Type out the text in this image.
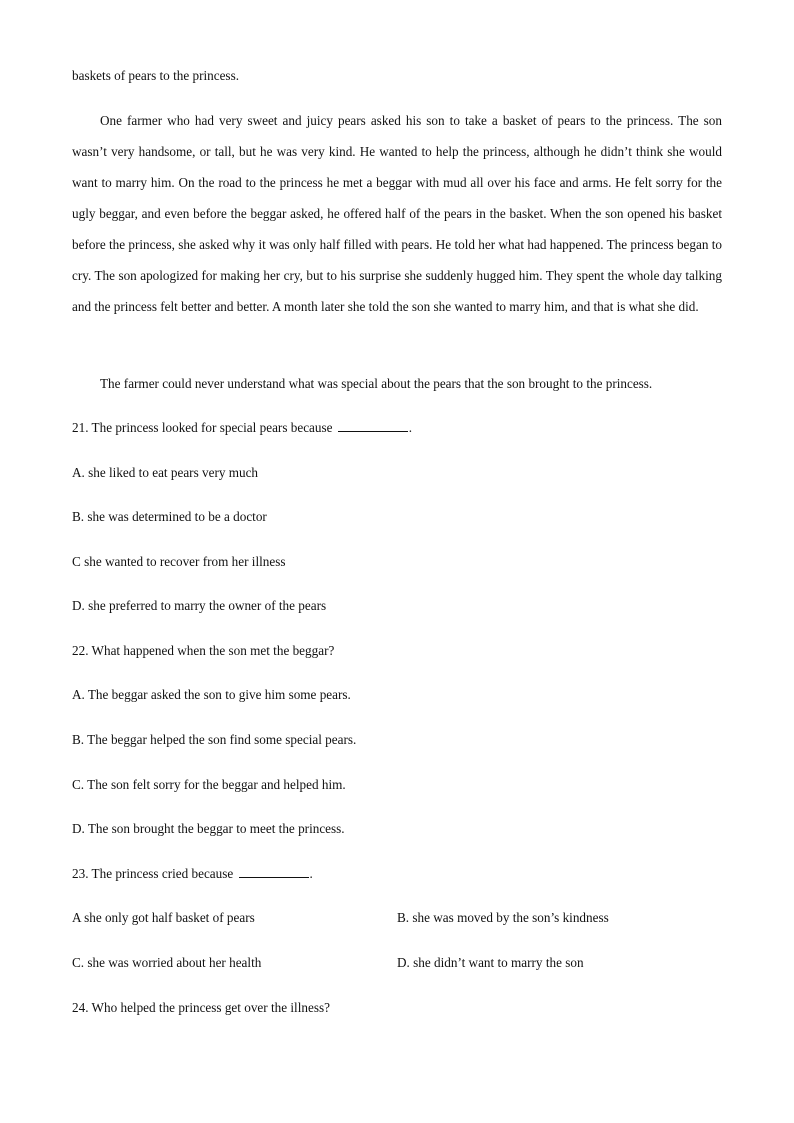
baskets of pears to the princess.
One farmer who had very sweet and juicy pears asked his son to take a basket of pears to the princess. The son wasn’t very handsome, or tall, but he was very kind. He wanted to help the princess, although he didn’t think she would want to marry him. On the road to the princess he met a beggar with mud all over his face and arms. He felt sorry for the ugly beggar, and even before the beggar asked, he offered half of the pears in the basket. When the son opened his basket before the princess, she asked why it was only half filled with pears. He told her what had happened. The princess began to cry. The son apologized for making her cry, but to his surprise she suddenly hugged him. They spent the whole day talking and the princess felt better and better. A month later she told the son she wanted to marry him, and that is what she did.
The farmer could never understand what was special about the pears that the son brought to the princess.
21. The princess looked for special pears because	.
A. she liked to eat pears very much
B. she was determined to be a doctor
C she wanted to recover from her illness
D. she preferred to marry the owner of the pears
22. What happened when the son met the beggar?
A. The beggar asked the son to give him some pears.
B. The beggar helped the son find some special pears.
C. The son felt sorry for the beggar and helped him.
D. The son brought the beggar to meet the princess.
23. The princess cried because	.
A she only got half basket of pears	B. she was moved by the son’s kindness
C. she was worried about her health	D. she didn’t want to marry the son
24. Who helped the princess get over the illness?
